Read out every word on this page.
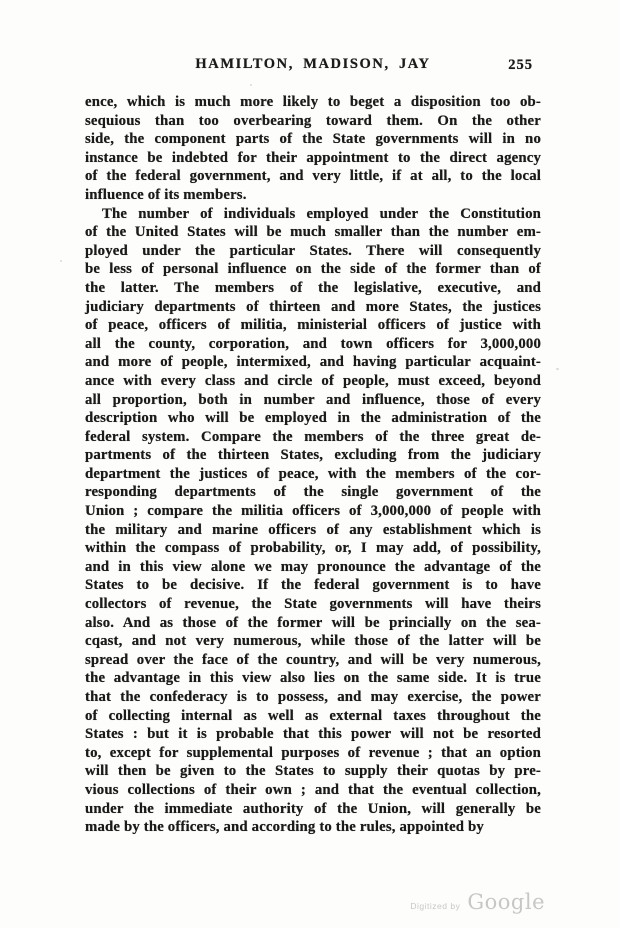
HAMILTON, MADISON, JAY	255
ence, which is much more likely to beget a disposition too ob-
sequious than too overbearing toward them. On the other
side, the component parts of the State governments will in no
instance be indebted for their appointment to the direct agency
of the federal government, and very little, if at all, to the local
influence of its members.
The number of individuals employed under the Constitution
of the United States will be much smaller than the number em-
ployed under the particular States. There will consequently
be less of personal influence on the side of the former than of
the latter. The members of the legislative, executive, and
judiciary departments of thirteen and more States, the justices
of peace, officers of militia, ministerial officers of justice with
all the county, corporation, and town officers for 3,000,000
and more of people, intermixed, and having particular acquaint-
ance with every class and circle of people, must exceed, beyond
all proportion, both in number and influence, those of every
description who will be employed in the administration of the
federal system. Compare the members of the three great de-
partments of the thirteen States, excluding from the judiciary
department the justices of peace, with the members of the cor-
responding departments of the single government of the
Union ; compare the militia officers of 3,000,000 of people with
the military and marine officers of any establishment which is
within the compass of probability, or, I may add, of possibility,
and in this view alone we may pronounce the advantage of the
States to be decisive. If the federal government is to have
collectors of revenue, the State governments will have theirs
also. And as those of the former will be princially on the sea-
cqast, and not very numerous, while those of the latter will be
spread over the face of the country, and will be very numerous,
the advantage in this view also lies on the same side. It is true
that the confederacy is to possess, and may exercise, the power
of collecting internal as well as external taxes throughout the
States : but it is probable that this power will not be resorted
to, except for supplemental purposes of revenue ; that an option
will then be given to the States to supply their quotas by pre-
vious collections of their own ; and that the eventual collection,
under the immediate authority of the Union, will generally be
made by the officers, and according to the rules, appointed by
Digitized by Google
